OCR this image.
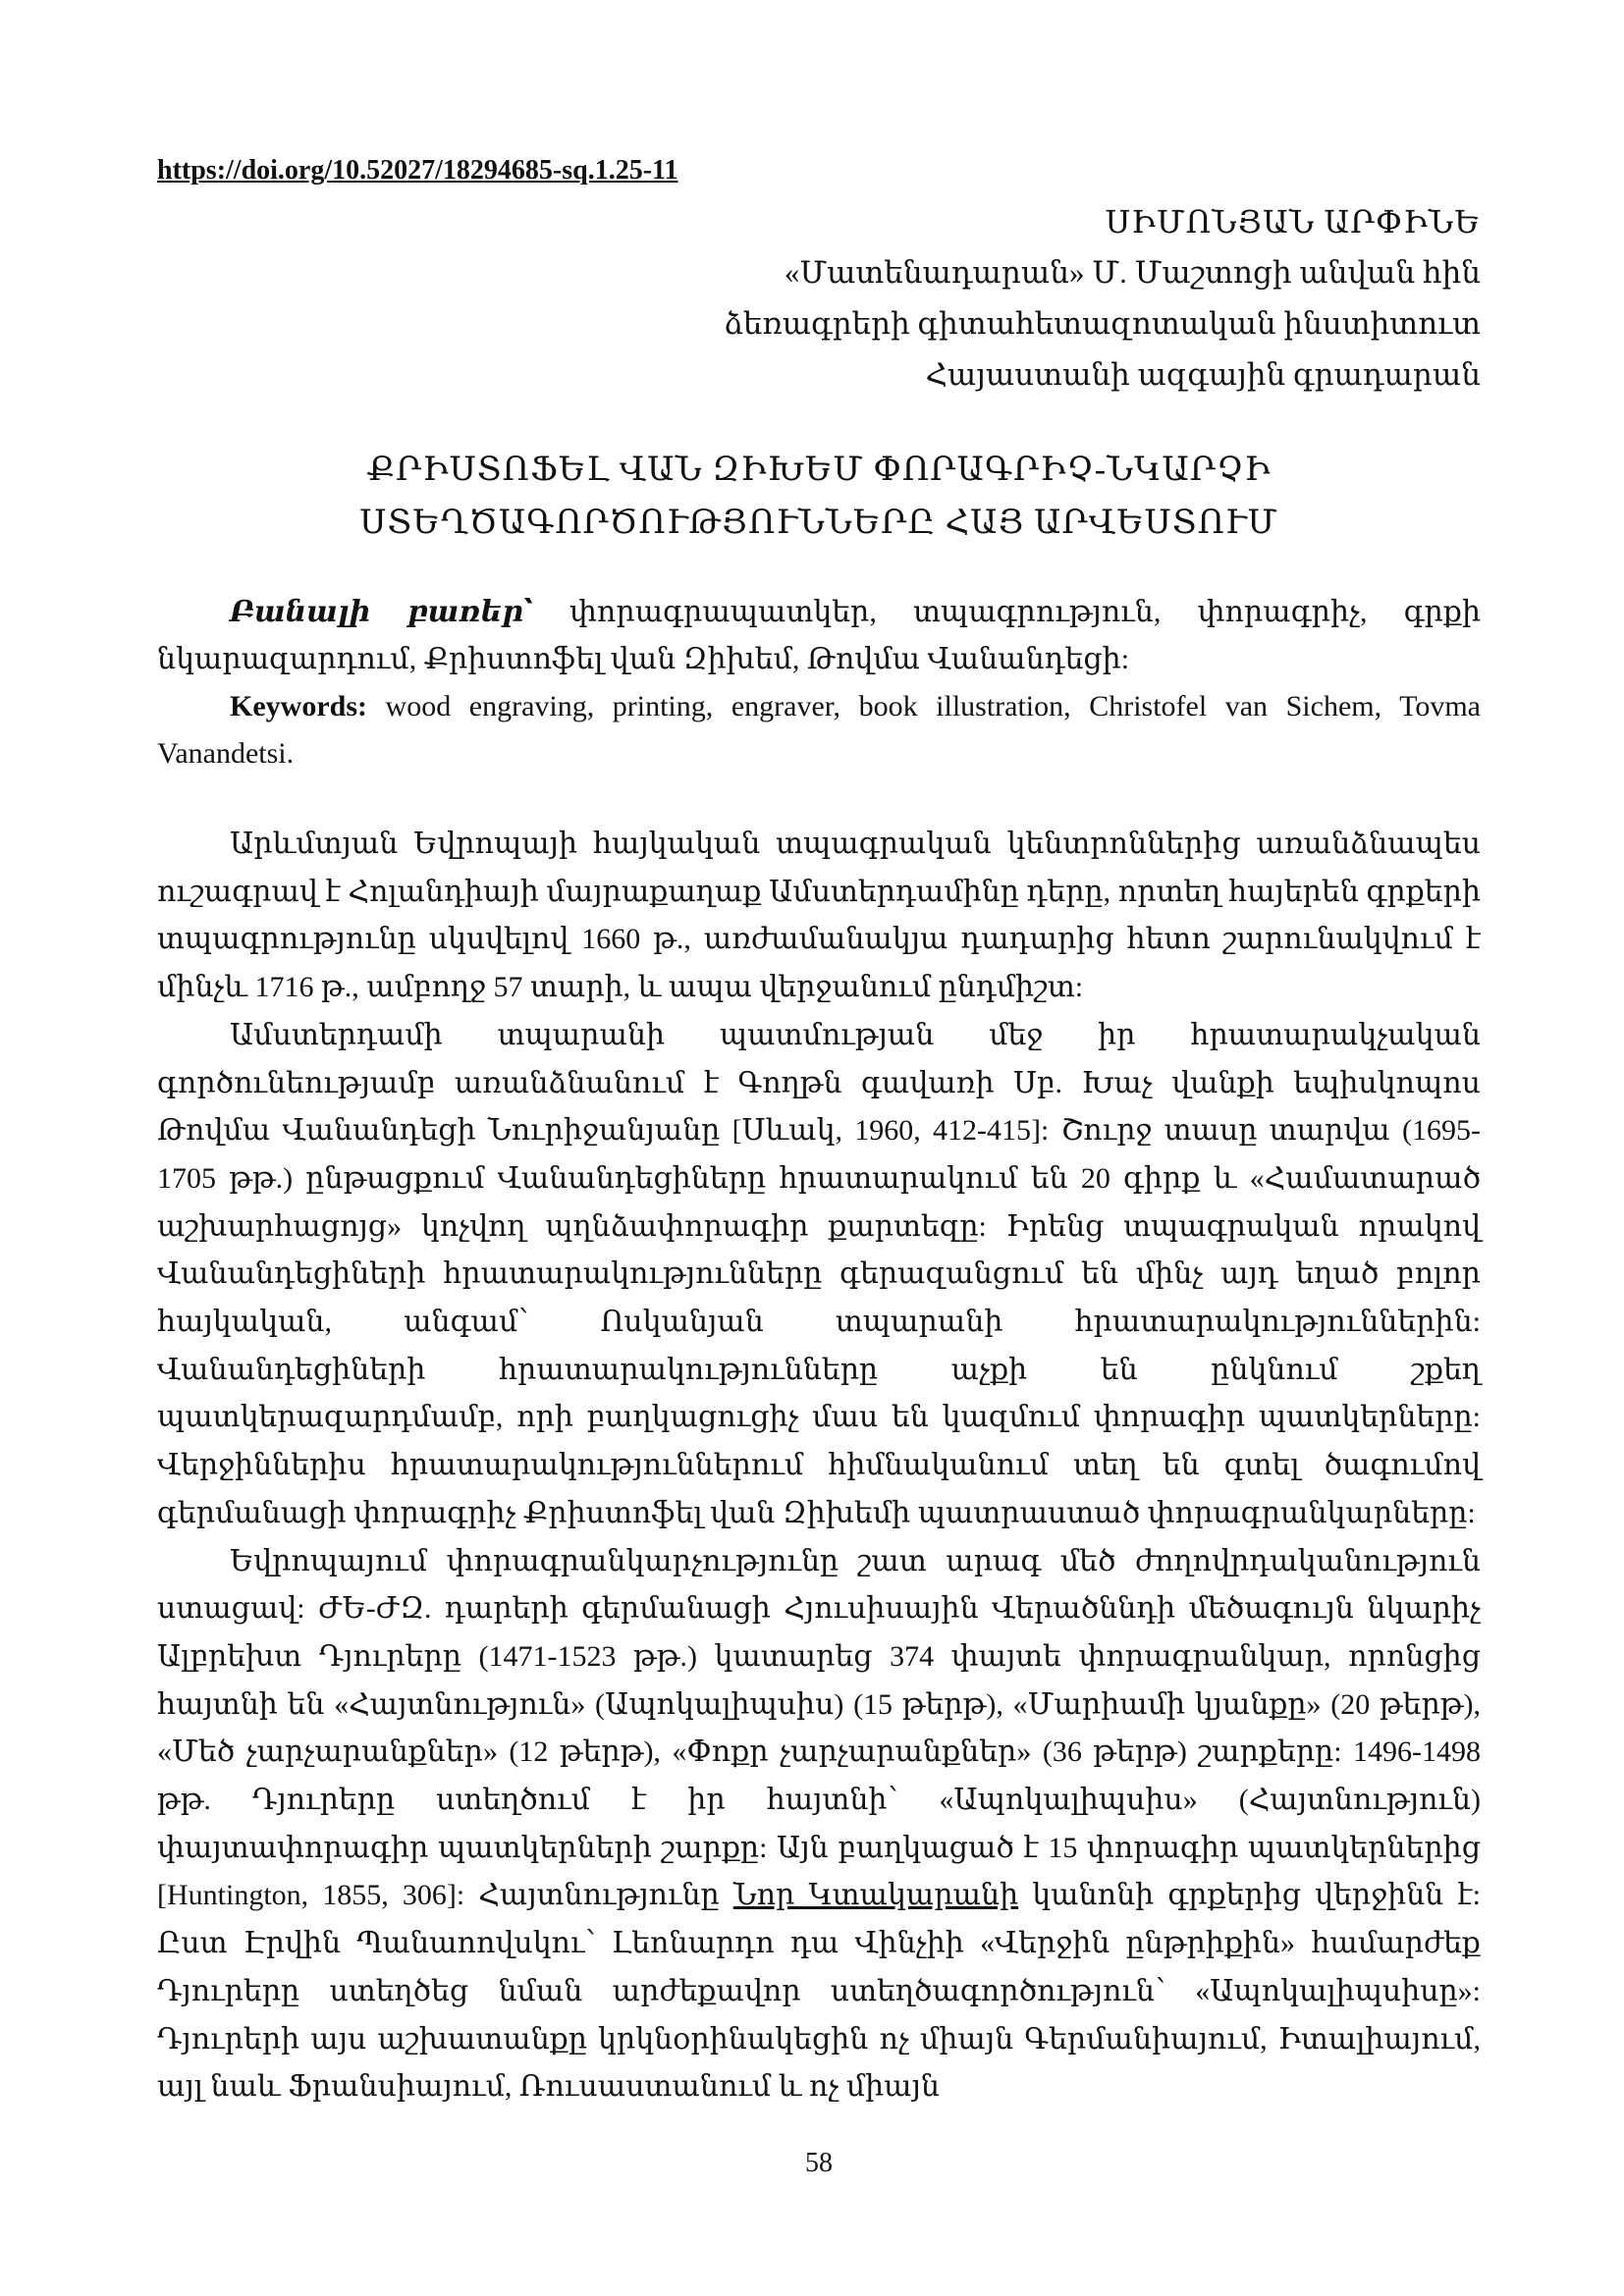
https://doi.org/10.52027/18294685-sq.1.25-11
ՍԻՄՈՆՅԱՆ ԱՐՓԻՆԵ
«Մատենադարան» Մ. Մաշտոցի անվան հին
ձեռագրերի գիտահետազոտական ինստիտուտ
Հայաստանի ազգային գրադարան
ՔՐԻՍՏՈՖԵԼ ՎԱՆ ԶԻԽԵՄ ՓՈՐԱԳՐԻՉ-ՆԿԱՐՉԻ
ՍՏԵՂԾԱԳՈՐԾՈՒԹՅՈՒՆՆԵՐԸ ՀԱՅ ԱՐՎԵՍՏՈՒՄ

Բանալի բառեր՝ փորագրապատկեր, տպագրություն, փորագրիչ, գրքի նկարազարդում, Քրիստոֆել վան Զիխեմ, Թովմա Վանանդեցի:

Keywords: wood engraving, printing, engraver, book illustration, Christofel van Sichem, Tovma Vanandetsi.

Արևմտյան Եվրոպայի հայկական տպագրական կենտրոններից առանձնապես ուշագրավ է Հոլանդիայի մայրաքաղաք Ամստերդամինը դերը, որտեղ հայերեն գրքերի տպագրությունը սկսվելով 1660 թ., առժամանակյա դադարից հետո շարունակվում է մինչև 1716 թ., ամբողջ 57 տարի, և ապա վերջանում ընդմիշտ:

Ամստերդամի տպարանի պատմության մեջ իր հրատարակչական գործունեությամբ առանձնանում է Գողթն գավառի Սբ. Խաչ վանքի եպիսկոպոս Թովմա Վանանդեցի Նուրիջանյանը [Սևակ, 1960, 412-415]: Շուրջ տասը տարվա (1695-1705 թթ.) ընթացքում Վանանդեցիները հրատարակում են 20 գիրք և «Համատարած աշխարհացոյց» կոչվող պղնձափորագիր քարտեզը: Իրենց տպագրական որակով Վանանդեցիների հրատարակությունները գերազանցում են մինչ այդ եղած բոլոր հայկական, անգամ՝ Ոսկանյան տպարանի հրատարակություններին: Վանանդեցիների հրատարակությունները աչքի են ընկնում շքեղ պատկերազարդմամբ, որի բաղկացուցիչ մաս են կազմում փորագիր պատկերները: Վերջիններիս հրատարակություններում հիմնականում տեղ են գտել ծագումով գերմանացի փորագրիչ Քրիստոֆել վան Զիխեմի պատրաստած փորագրանկարները:

Եվրոպայում փորագրանկարչությունը շատ արագ մեծ ժողովրդականություն ստացավ: ԺԵ-ԺԶ. դարերի գերմանացի Հյուսիսային Վերածննդի մեծագույն նկարիչ Ալբրեխտ Դյուրերը (1471-1523 թթ.) կատարեց 374 փայտե փորագրանկար, որոնցից հայտնի են «Հայտնություն» (Ապոկալիպսիս) (15 թերթ), «Մարիամի կյանքը» (20 թերթ), «Մեծ չարչարանքներ» (12 թերթ), «Փոքր չարչարանքներ» (36 թերթ) շարքերը: 1496-1498 թթ. Դյուրերը ստեղծում է իր հայտնի՝ «Ապոկալիպսիս» (Հայտնություն) փայտափորագիր պատկերների շարքը: Այն բաղկացած է 15 փորագիր պատկերներից [Huntington, 1855, 306]: Հայտնությունը Նոր Կտակարանի կանոնի գրքերից վերջինն է: Ըստ Էրվին Պանաոովսկու՝ Լեոնարդո դա Վինչիի «Վերջին ընթրիքին» համարժեք Դյուրերը ստեղծեց նման արժեքավոր ստեղծագործություն՝ «Ապոկալիպսիսը»: Դյուրերի այս աշխատանքը կրկնօրինակեցին ոչ միայն Գերմանիայում, Իտալիայում, այլ նաև Ֆրանսիայում, Ռուսաստանում և ոչ միայն

58
